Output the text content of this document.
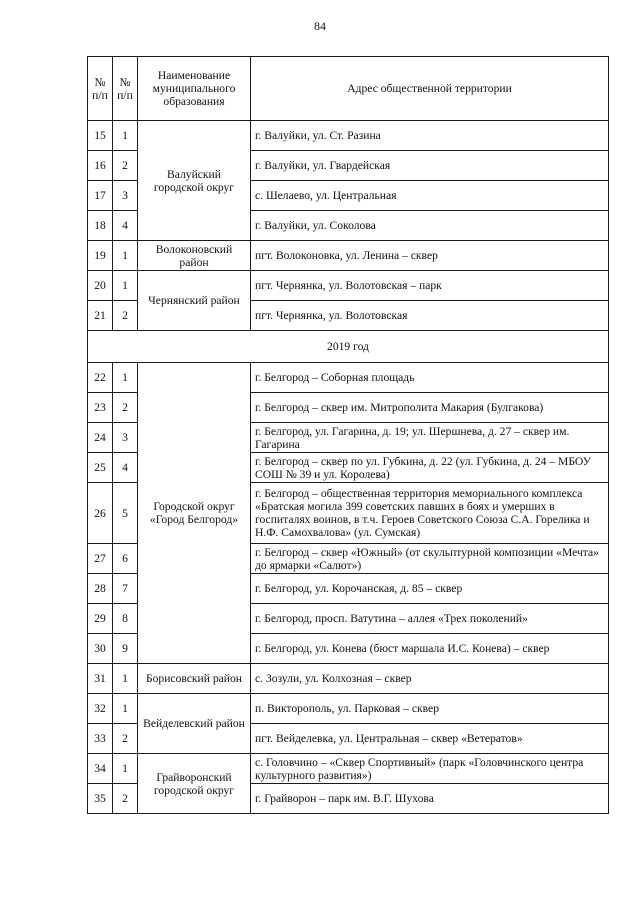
84
№ п/п	№ п/п	Наименование муниципального образования	Адрес общественной территории
15	1	Валуйский городской округ	г. Валуйки, ул. Ст. Разина
16	2		г. Валуйки, ул. Гвардейская
17	3		с. Шелаево, ул. Центральная
18	4		г. Валуйки, ул. Соколова
19	1	Волоконовский район	пгт. Волоконовка, ул. Ленина – сквер
20	1	Чернянский район	пгт. Чернянка, ул. Волотовская – парк
21	2		пгт. Чернянка, ул. Волотовская
2019 год			
22	1	Городской округ «Город Белгород»	г. Белгород – Соборная площадь
23	2		г. Белгород – сквер им. Митрополита Макария (Булгакова)
24	3		г. Белгород, ул. Гагарина, д. 19; ул. Шершнева, д. 27 – сквер им. Гагарина
25	4		г. Белгород – сквер по ул. Губкина, д. 22 (ул. Губкина, д. 24 – МБОУ СОШ № 39 и ул. Королева)
26	5		г. Белгород – общественная территория мемориального комплекса «Братская могила 399 советских павших в боях и умерших в госпиталях воинов, в т.ч. Героев Советского Союза С.А. Горелика и Н.Ф. Самохвалова» (ул. Сумская)
27	6		г. Белгород – сквер «Южный» (от скульптурной композиции «Мечта» до ярмарки «Салют»)
28	7		г. Белгород, ул. Корочанская, д. 85 – сквер
29	8		г. Белгород, просп. Ватутина – аллея «Трех поколений»
30	9		г. Белгород, ул. Конева (бюст маршала И.С. Конева) – сквер
31	1	Борисовский район	с. Зозули, ул. Колхозная – сквер
32	1	Вейделевский район	п. Викторополь, ул. Парковая – сквер
33	2		пгт. Вейделевка, ул. Центральная – сквер «Ветератов»
34	1	Грайворонский городской округ	с. Головчино – «Сквер Спортивный» (парк «Головчинского центра культурного развития»)
35	2		г. Грайворон – парк им. В.Г. Шухова
